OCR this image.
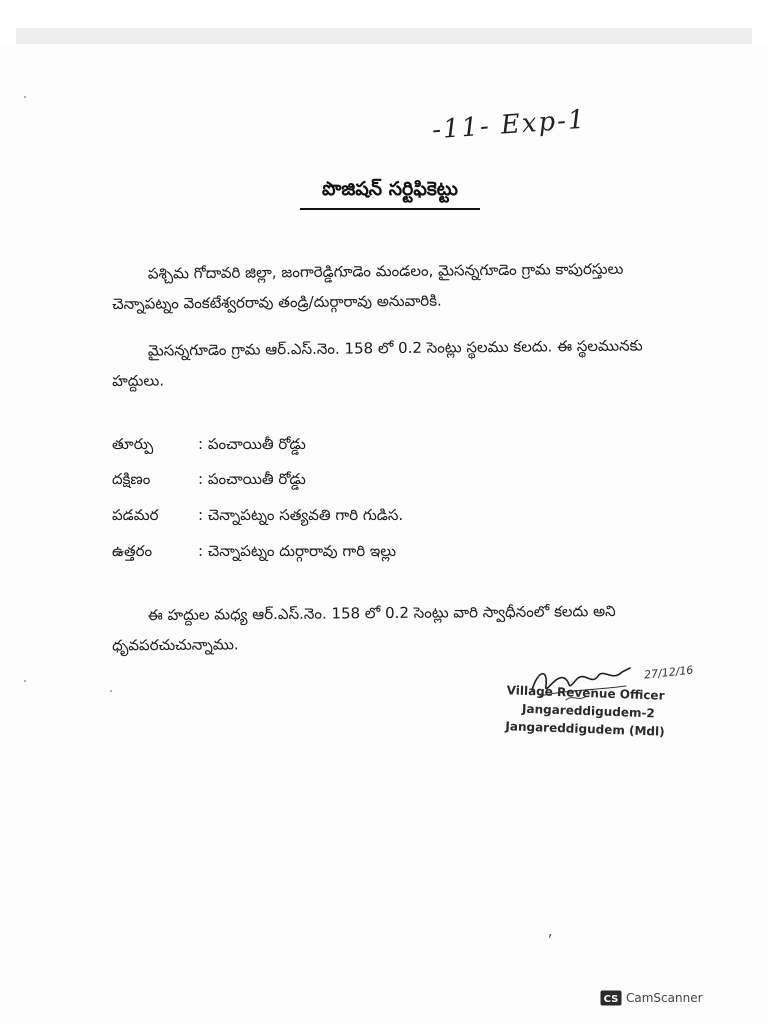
-11- Exp-1
పొజిషన్ సర్టిఫికెట్టు
పశ్చిమ గోదావరి జిల్లా, జంగారెడ్డిగూడెం మండలం, మైసన్నగూడెం గ్రామ కాపురస్తులు చెన్నాపట్నం వెంకటేశ్వరరావు తండ్రి/దుర్గారావు అనువారికి.
మైసన్నగూడెం గ్రామ ఆర్.ఎస్.నెం. 158 లో 0.2 సెంట్లు స్థలము కలదు. ఈ స్థలమునకు హద్దులు.
తూర్పు	: పంచాయితీ రోడ్డు
దక్షిణం	: పంచాయితీ రోడ్డు
పడమర	: చెన్నాపట్నం సత్యవతి గారి గుడిస.
ఉత్తరం	: చెన్నాపట్నం దుర్గారావు గారి ఇల్లు
ఈ హద్దుల మధ్య ఆర్.ఎస్.నెం. 158 లో 0.2 సెంట్లు వారి స్వాధీనంలో కలదు అని ధృవపరచుచున్నాము.
27/12/16
Village Revenue Officer
Jangareddigudem-2
Jangareddigudem (Mdl)
,
CS CamScanner
